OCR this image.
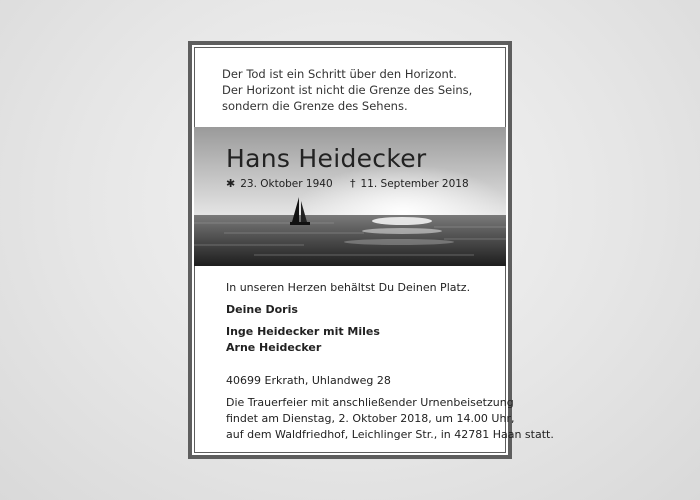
Der Tod ist ein Schritt über den Horizont.
Der Horizont ist nicht die Grenze des Seins,
sondern die Grenze des Sehens.
Hans Heidecker
✱ 23. Oktober 1940 † 11. September 2018
In unseren Herzen behältst Du Deinen Platz.
Deine Doris
Inge Heidecker mit Miles
Arne Heidecker
40699 Erkrath, Uhlandweg 28
Die Trauerfeier mit anschließender Urnenbeisetzung
findet am Dienstag, 2. Oktober 2018, um 14.00 Uhr,
auf dem Waldfriedhof, Leichlinger Str., in 42781 Haan statt.
